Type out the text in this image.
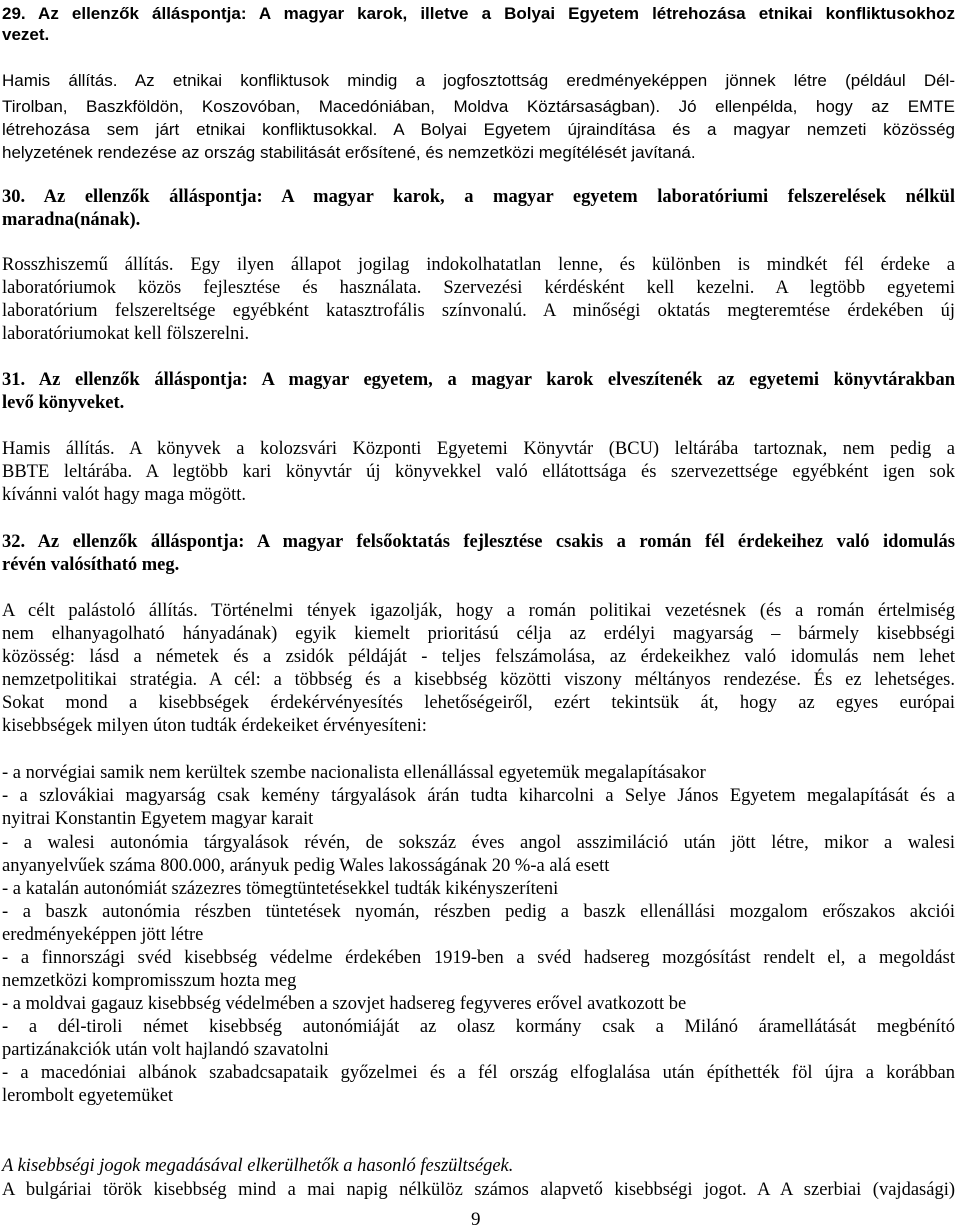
29. Az ellenzők álláspontja: A magyar karok, illetve a Bolyai Egyetem létrehozása etnikai konfliktusokhoz
vezet.
Hamis állítás. Az etnikai konfliktusok mindig a jogfosztottság eredményeképpen jönnek létre (például Dél-
Tirolban, Baszkföldön, Koszovóban, Macedóniában, Moldva Köztársaságban). Jó ellenpélda, hogy az EMTE
létrehozása sem járt etnikai konfliktusokkal. A Bolyai Egyetem újraindítása és a magyar nemzeti közösség
helyzetének rendezése az ország stabilitását erősítené, és nemzetközi megítélését javítaná.
30. Az ellenzők álláspontja: A magyar karok, a magyar egyetem laboratóriumi felszerelések nélkül
maradna(nának).
Rosszhiszemű állítás. Egy ilyen állapot jogilag indokolhatatlan lenne, és különben is mindkét fél érdeke a
laboratóriumok közös fejlesztése és használata. Szervezési kérdésként kell kezelni. A legtöbb egyetemi
laboratórium felszereltsége egyébként katasztrofális színvonalú. A minőségi oktatás megteremtése érdekében új
laboratóriumokat kell fölszerelni.
31. Az ellenzők álláspontja: A magyar egyetem, a magyar karok elveszítenék az egyetemi könyvtárakban
levő könyveket.
Hamis állítás. A könyvek a kolozsvári Központi Egyetemi Könyvtár (BCU) leltárába tartoznak, nem pedig a
BBTE leltárába. A legtöbb kari könyvtár új könyvekkel való ellátottsága és szervezettsége egyébként igen sok
kívánni valót hagy maga mögött.
32. Az ellenzők álláspontja: A magyar felsőoktatás fejlesztése csakis a román fél érdekeihez való idomulás
révén valósítható meg.
A célt palástoló állítás. Történelmi tények igazolják, hogy a román politikai vezetésnek (és a román értelmiség
nem elhanyagolható hányadának) egyik kiemelt prioritású célja az erdélyi magyarság – bármely kisebbségi
közösség: lásd a németek és a zsidók példáját - teljes felszámolása, az érdekeikhez való idomulás nem lehet
nemzetpolitikai stratégia. A cél: a többség és a kisebbség közötti viszony méltányos rendezése. És ez lehetséges.
Sokat mond a kisebbségek érdekérvényesítés lehetőségeiről, ezért tekintsük át, hogy az egyes európai
kisebbségek milyen úton tudták érdekeiket érvényesíteni:
- a norvégiai samik nem kerültek szembe nacionalista ellenállással egyetemük megalapításakor
- a szlovákiai magyarság csak kemény tárgyalások árán tudta kiharcolni a Selye János Egyetem megalapítását és a
nyitrai Konstantin Egyetem magyar karait
- a walesi autonómia tárgyalások révén, de sokszáz éves angol asszimiláció után jött létre, mikor a walesi
anyanyelvűek száma 800.000, arányuk pedig Wales lakosságának 20 %-a alá esett
- a katalán autonómiát százezres tömegtüntetésekkel tudták kikényszeríteni
- a baszk autonómia részben tüntetések nyomán, részben pedig a baszk ellenállási mozgalom erőszakos akciói
eredményeképpen jött létre
- a finnországi svéd kisebbség védelme érdekében 1919-ben a svéd hadsereg mozgósítást rendelt el, a megoldást
nemzetközi kompromisszum hozta meg
- a moldvai gagauz kisebbség védelmében a szovjet hadsereg fegyveres erővel avatkozott be
- a dél-tiroli német kisebbség autonómiáját az olasz kormány csak a Milánó áramellátását megbénító
partizánakciók után volt hajlandó szavatolni
- a macedóniai albánok szabadcsapataik győzelmei és a fél ország elfoglalása után építhették föl újra a korábban
lerombolt egyetemüket
A kisebbségi jogok megadásával elkerülhetők a hasonló feszültségek.
A bulgáriai török kisebbség mind a mai napig nélkülöz számos alapvető kisebbségi jogot. A A szerbiai (vajdasági)
9
